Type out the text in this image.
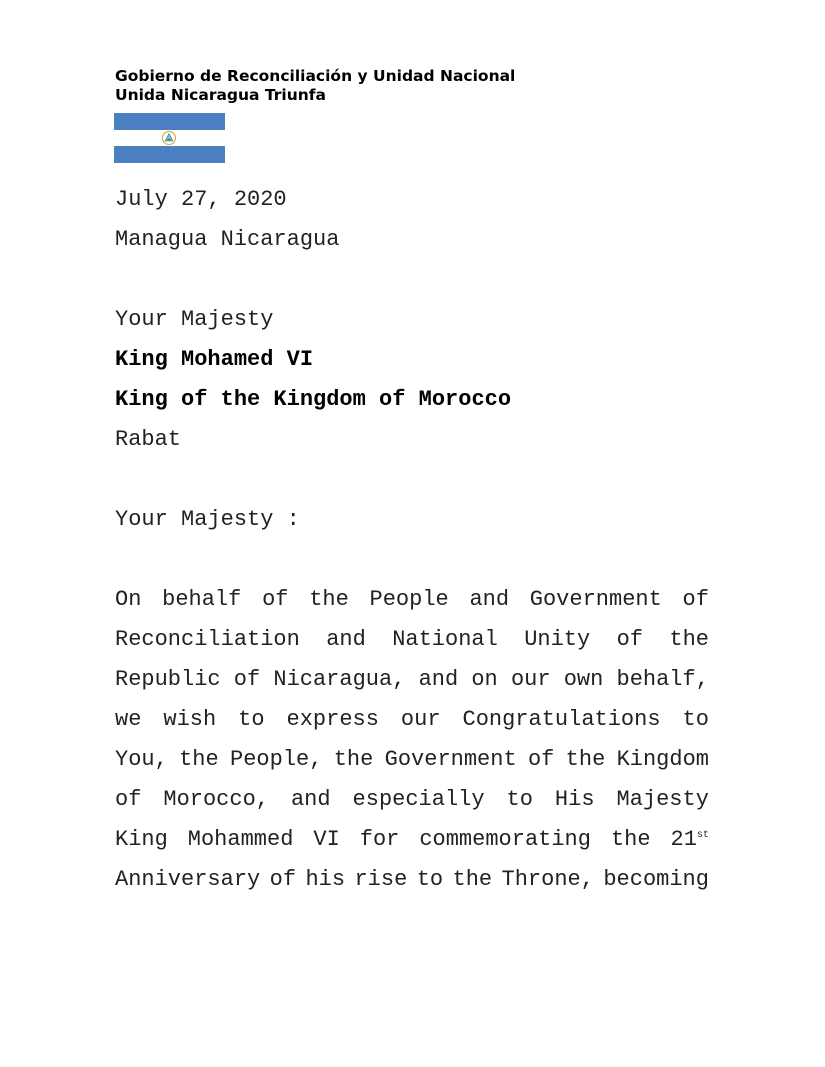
Gobierno de Reconciliación y Unidad Nacional
Unida Nicaragua Triunfa
July 27, 2020
Managua Nicaragua
Your Majesty
King Mohamed VI
King of the Kingdom of Morocco
Rabat
Your Majesty :
On behalf of the People and Government of
Reconciliation and National Unity of the
Republic of Nicaragua, and on our own behalf,
we wish to express our Congratulations to
You, the People, the Government of the Kingdom
of Morocco, and especially to His Majesty
King Mohammed VI for commemorating the 21st
Anniversary of his rise to the Throne, becoming
